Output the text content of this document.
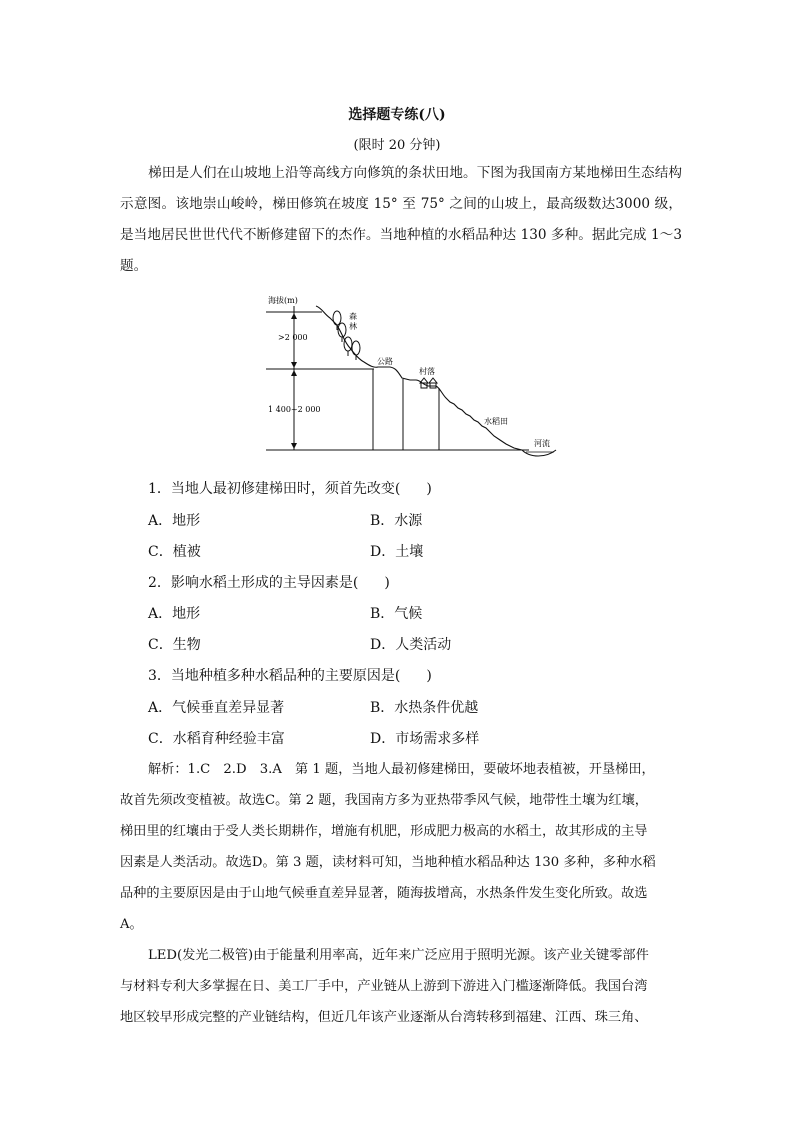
选择题专练(八)
(限时 20 分钟)
梯田是人们在山坡地上沿等高线方向修筑的条状田地。下图为我国南方某地梯田生态结构示意图。该地崇山峻岭，梯田修筑在坡度 15° 至 75° 之间的山坡上，最高级数达3000 级，是当地居民世世代代不断修建留下的杰作。当地种植的水稻品种达 130 多种。据此完成 1～3题。
海拔(m)
>2 000
1 400~2 000
森
林
公路
村落
水稻田
河流
1．当地人最初修建梯田时，须首先改变( )
A．地形	B．水源
C．植被	D．土壤
2．影响水稻土形成的主导因素是( )
A．地形	B．气候
C．生物	D．人类活动
3．当地种植多种水稻品种的主要原因是( )
A．气候垂直差异显著	B．水热条件优越
C．水稻育种经验丰富	D．市场需求多样
解析：1.C　2.D　3.A　第 1 题，当地人最初修建梯田，要破坏地表植被，开垦梯田，
故首先须改变植被。故选C。第 2 题，我国南方多为亚热带季风气候，地带性土壤为红壤，
梯田里的红壤由于受人类长期耕作，增施有机肥，形成肥力极高的水稻土，故其形成的主导
因素是人类活动。故选D。第 3 题，读材料可知，当地种植水稻品种达 130 多种，多种水稻
品种的主要原因是由于山地气候垂直差异显著，随海拔增高，水热条件发生变化所致。故选
A。
LED(发光二极管)由于能量利用率高，近年来广泛应用于照明光源。该产业关键零部件
与材料专利大多掌握在日、美工厂手中，产业链从上游到下游进入门槛逐渐降低。我国台湾
地区较早形成完整的产业链结构，但近几年该产业逐渐从台湾转移到福建、江西、珠三角、
